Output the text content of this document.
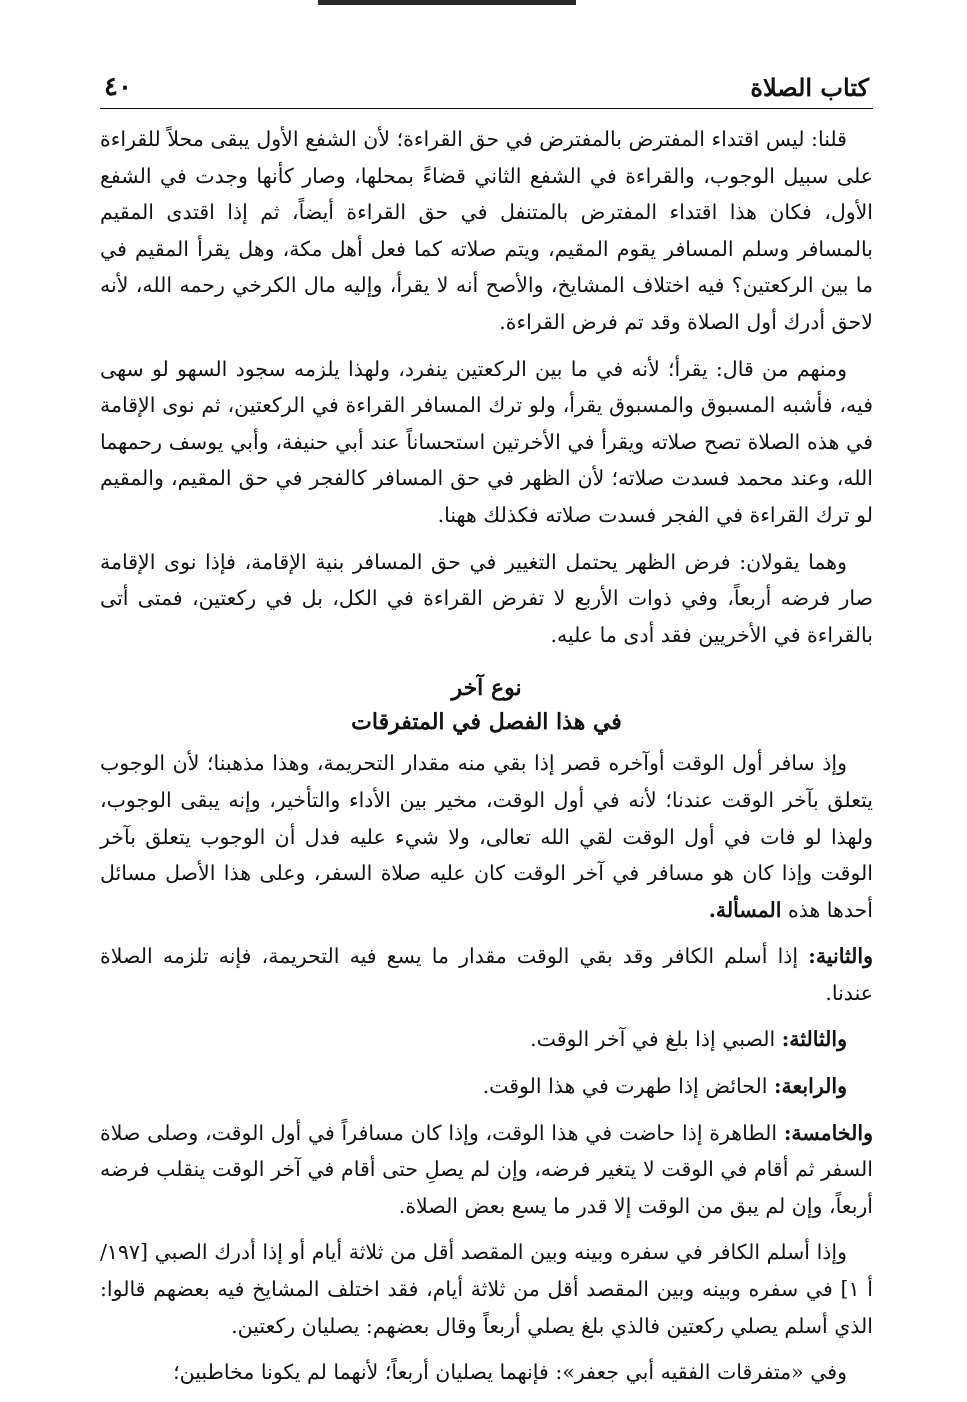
كتاب الصلاة
٤٠

قلنا: ليس اقتداء المفترض بالمفترض في حق القراءة؛ لأن الشفع الأول يبقى محلاً للقراءة على سبيل الوجوب، والقراءة في الشفع الثاني قضاءً بمحلها، وصار كأنها وجدت في الشفع الأول، فكان هذا اقتداء المفترض بالمتنفل في حق القراءة أيضاً، ثم إذا اقتدى المقيم بالمسافر وسلم المسافر يقوم المقيم، ويتم صلاته كما فعل أهل مكة، وهل يقرأ المقيم في ما بين الركعتين؟ فيه اختلاف المشايخ، والأصح أنه لا يقرأ، وإليه مال الكرخي رحمه الله، لأنه لاحق أدرك أول الصلاة وقد تم فرض القراءة.

ومنهم من قال: يقرأ؛ لأنه في ما بين الركعتين ينفرد، ولهذا يلزمه سجود السهو لو سهى فيه، فأشبه المسبوق والمسبوق يقرأ، ولو ترك المسافر القراءة في الركعتين، ثم نوى الإقامة في هذه الصلاة تصح صلاته ويقرأ في الأخرتين استحساناً عند أبي حنيفة، وأبي يوسف رحمهما الله، وعند محمد فسدت صلاته؛ لأن الظهر في حق المسافر كالفجر في حق المقيم، والمقيم لو ترك القراءة في الفجر فسدت صلاته فكذلك ههنا.

وهما يقولان: فرض الظهر يحتمل التغيير في حق المسافر بنية الإقامة، فإذا نوى الإقامة صار فرضه أربعاً، وفي ذوات الأربع لا تفرض القراءة في الكل، بل في ركعتين، فمتى أتى بالقراءة في الأخريين فقد أدى ما عليه.

نوع آخر
في هذا الفصل في المتفرقات

وإذ سافر أول الوقت أوآخره قصر إذا بقي منه مقدار التحريمة، وهذا مذهبنا؛ لأن الوجوب يتعلق بآخر الوقت عندنا؛ لأنه في أول الوقت، مخير بين الأداء والتأخير، وإنه يبقى الوجوب، ولهذا لو فات في أول الوقت لقي الله تعالى، ولا شيء عليه فدل أن الوجوب يتعلق بآخر الوقت وإذا كان هو مسافر في آخر الوقت كان عليه صلاة السفر، وعلى هذا الأصل مسائل أحدها هذه المسألة.

والثانية: إذا أسلم الكافر وقد بقي الوقت مقدار ما يسع فيه التحريمة، فإنه تلزمه الصلاة عندنا.

والثالثة: الصبي إذا بلغ في آخر الوقت.

والرابعة: الحائض إذا طهرت في هذا الوقت.

والخامسة: الطاهرة إذا حاضت في هذا الوقت، وإذا كان مسافراً في أول الوقت، وصلى صلاة السفر ثم أقام في الوقت لا يتغير فرضه، وإن لم يصلِ حتى أقام في آخر الوقت ينقلب فرضه أربعاً، وإن لم يبق من الوقت إلا قدر ما يسع بعض الصلاة.

وإذا أسلم الكافر في سفره وبينه وبين المقصد أقل من ثلاثة أيام أو إذا أدرك الصبي [١٩٧/أ ١] في سفره وبينه وبين المقصد أقل من ثلاثة أيام، فقد اختلف المشايخ فيه بعضهم قالوا: الذي أسلم يصلي ركعتين فالذي بلغ يصلي أربعاً وقال بعضهم: يصليان ركعتين.

وفي «متفرقات الفقيه أبي جعفر»: فإنهما يصليان أربعاً؛ لأنهما لم يكونا مخاطبين؛
